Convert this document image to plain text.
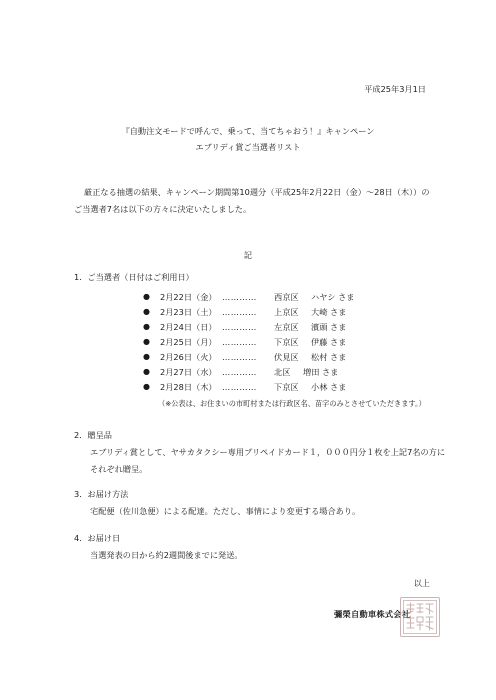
平成25年3月1日
『自動注文モードで呼んで、乗って、当てちゃおう！』キャンペーン
エブリディ賞ご当選者リスト
厳正なる抽選の結果、キャンペーン期間第10週分（平成25年2月22日（金）～28日（木））のご当選者7名は以下の方々に決定いたしました。
記
1．ご当選者（日付はご利用日）
● 2月22日（金） ………… 西京区 ハヤシ さま
● 2月23日（土） ………… 上京区 大崎 さま
● 2月24日（日） ………… 左京区 濱頭 さま
● 2月25日（月） ………… 下京区 伊藤 さま
● 2月26日（火） ………… 伏見区 松村 さま
● 2月27日（水） ………… 北区 増田 さま
● 2月28日（木） ………… 下京区 小林 さま
（※公表は、お住まいの市町村または行政区名、苗字のみとさせていただきます。）
2．贈呈品
エブリディ賞として、ヤサカタクシー専用プリペイドカード１，０００円分１枚を上記7名の方にそれぞれ贈呈。
3．お届け方法
宅配便（佐川急便）による配達。ただし、事情により変更する場合あり。
4．お届け日
当選発表の日から約2週間後までに発送。
以上
彌榮自動車株式会社
